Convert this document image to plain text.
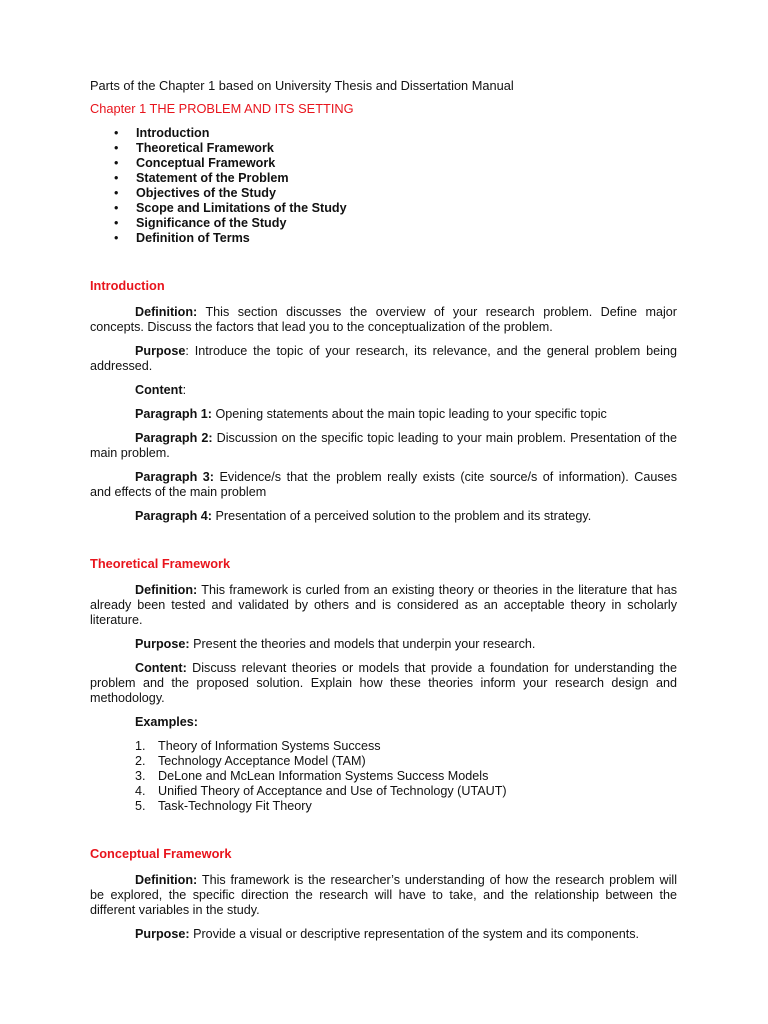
Parts of the Chapter 1 based on University Thesis and Dissertation Manual
Chapter 1 THE PROBLEM AND ITS SETTING
• Introduction
• Theoretical Framework
• Conceptual Framework
• Statement of the Problem
• Objectives of the Study
• Scope and Limitations of the Study
• Significance of the Study
• Definition of Terms
Introduction

Definition: This section discusses the overview of your research problem. Define major concepts. Discuss the factors that lead you to the conceptualization of the problem.

Purpose: Introduce the topic of your research, its relevance, and the general problem being addressed.

Content:

Paragraph 1: Opening statements about the main topic leading to your specific topic

Paragraph 2: Discussion on the specific topic leading to your main problem. Presentation of the main problem.

Paragraph 3: Evidence/s that the problem really exists (cite source/s of information). Causes and effects of the main problem

Paragraph 4: Presentation of a perceived solution to the problem and its strategy.

Theoretical Framework

Definition: This framework is curled from an existing theory or theories in the literature that has already been tested and validated by others and is considered as an acceptable theory in scholarly literature.

Purpose: Present the theories and models that underpin your research.

Content: Discuss relevant theories or models that provide a foundation for understanding the problem and the proposed solution. Explain how these theories inform your research design and methodology.

Examples:

1. Theory of Information Systems Success
2. Technology Acceptance Model (TAM)
3. DeLone and McLean Information Systems Success Models
4. Unified Theory of Acceptance and Use of Technology (UTAUT)
5. Task-Technology Fit Theory
Conceptual Framework

Definition: This framework is the researcher’s understanding of how the research problem will be explored, the specific direction the research will have to take, and the relationship between the different variables in the study.

Purpose: Provide a visual or descriptive representation of the system and its components.
